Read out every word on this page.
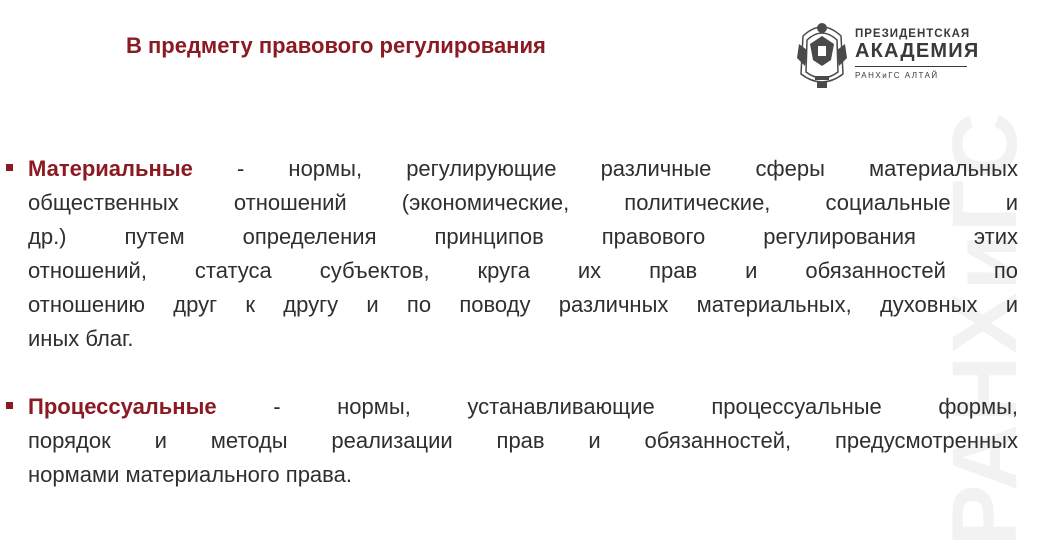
В предмету правового регулирования	ПРЕЗИДЕНТСКАЯ
АКАДЕМИЯ
РАНХиГС АЛТАЙ
РАНХиГС
Материальные - нормы, регулирующие различные сферы материальных
общественных отношений (экономические, политические, социальные и
др.) путем определения принципов правового регулирования этих
отношений, статуса субъектов, круга их прав и обязанностей по
отношению друг к другу и по поводу различных материальных, духовных и
иных благ.
Процессуальные - нормы, устанавливающие процессуальные формы,
порядок и методы реализации прав и обязанностей, предусмотренных
нормами материального права.
